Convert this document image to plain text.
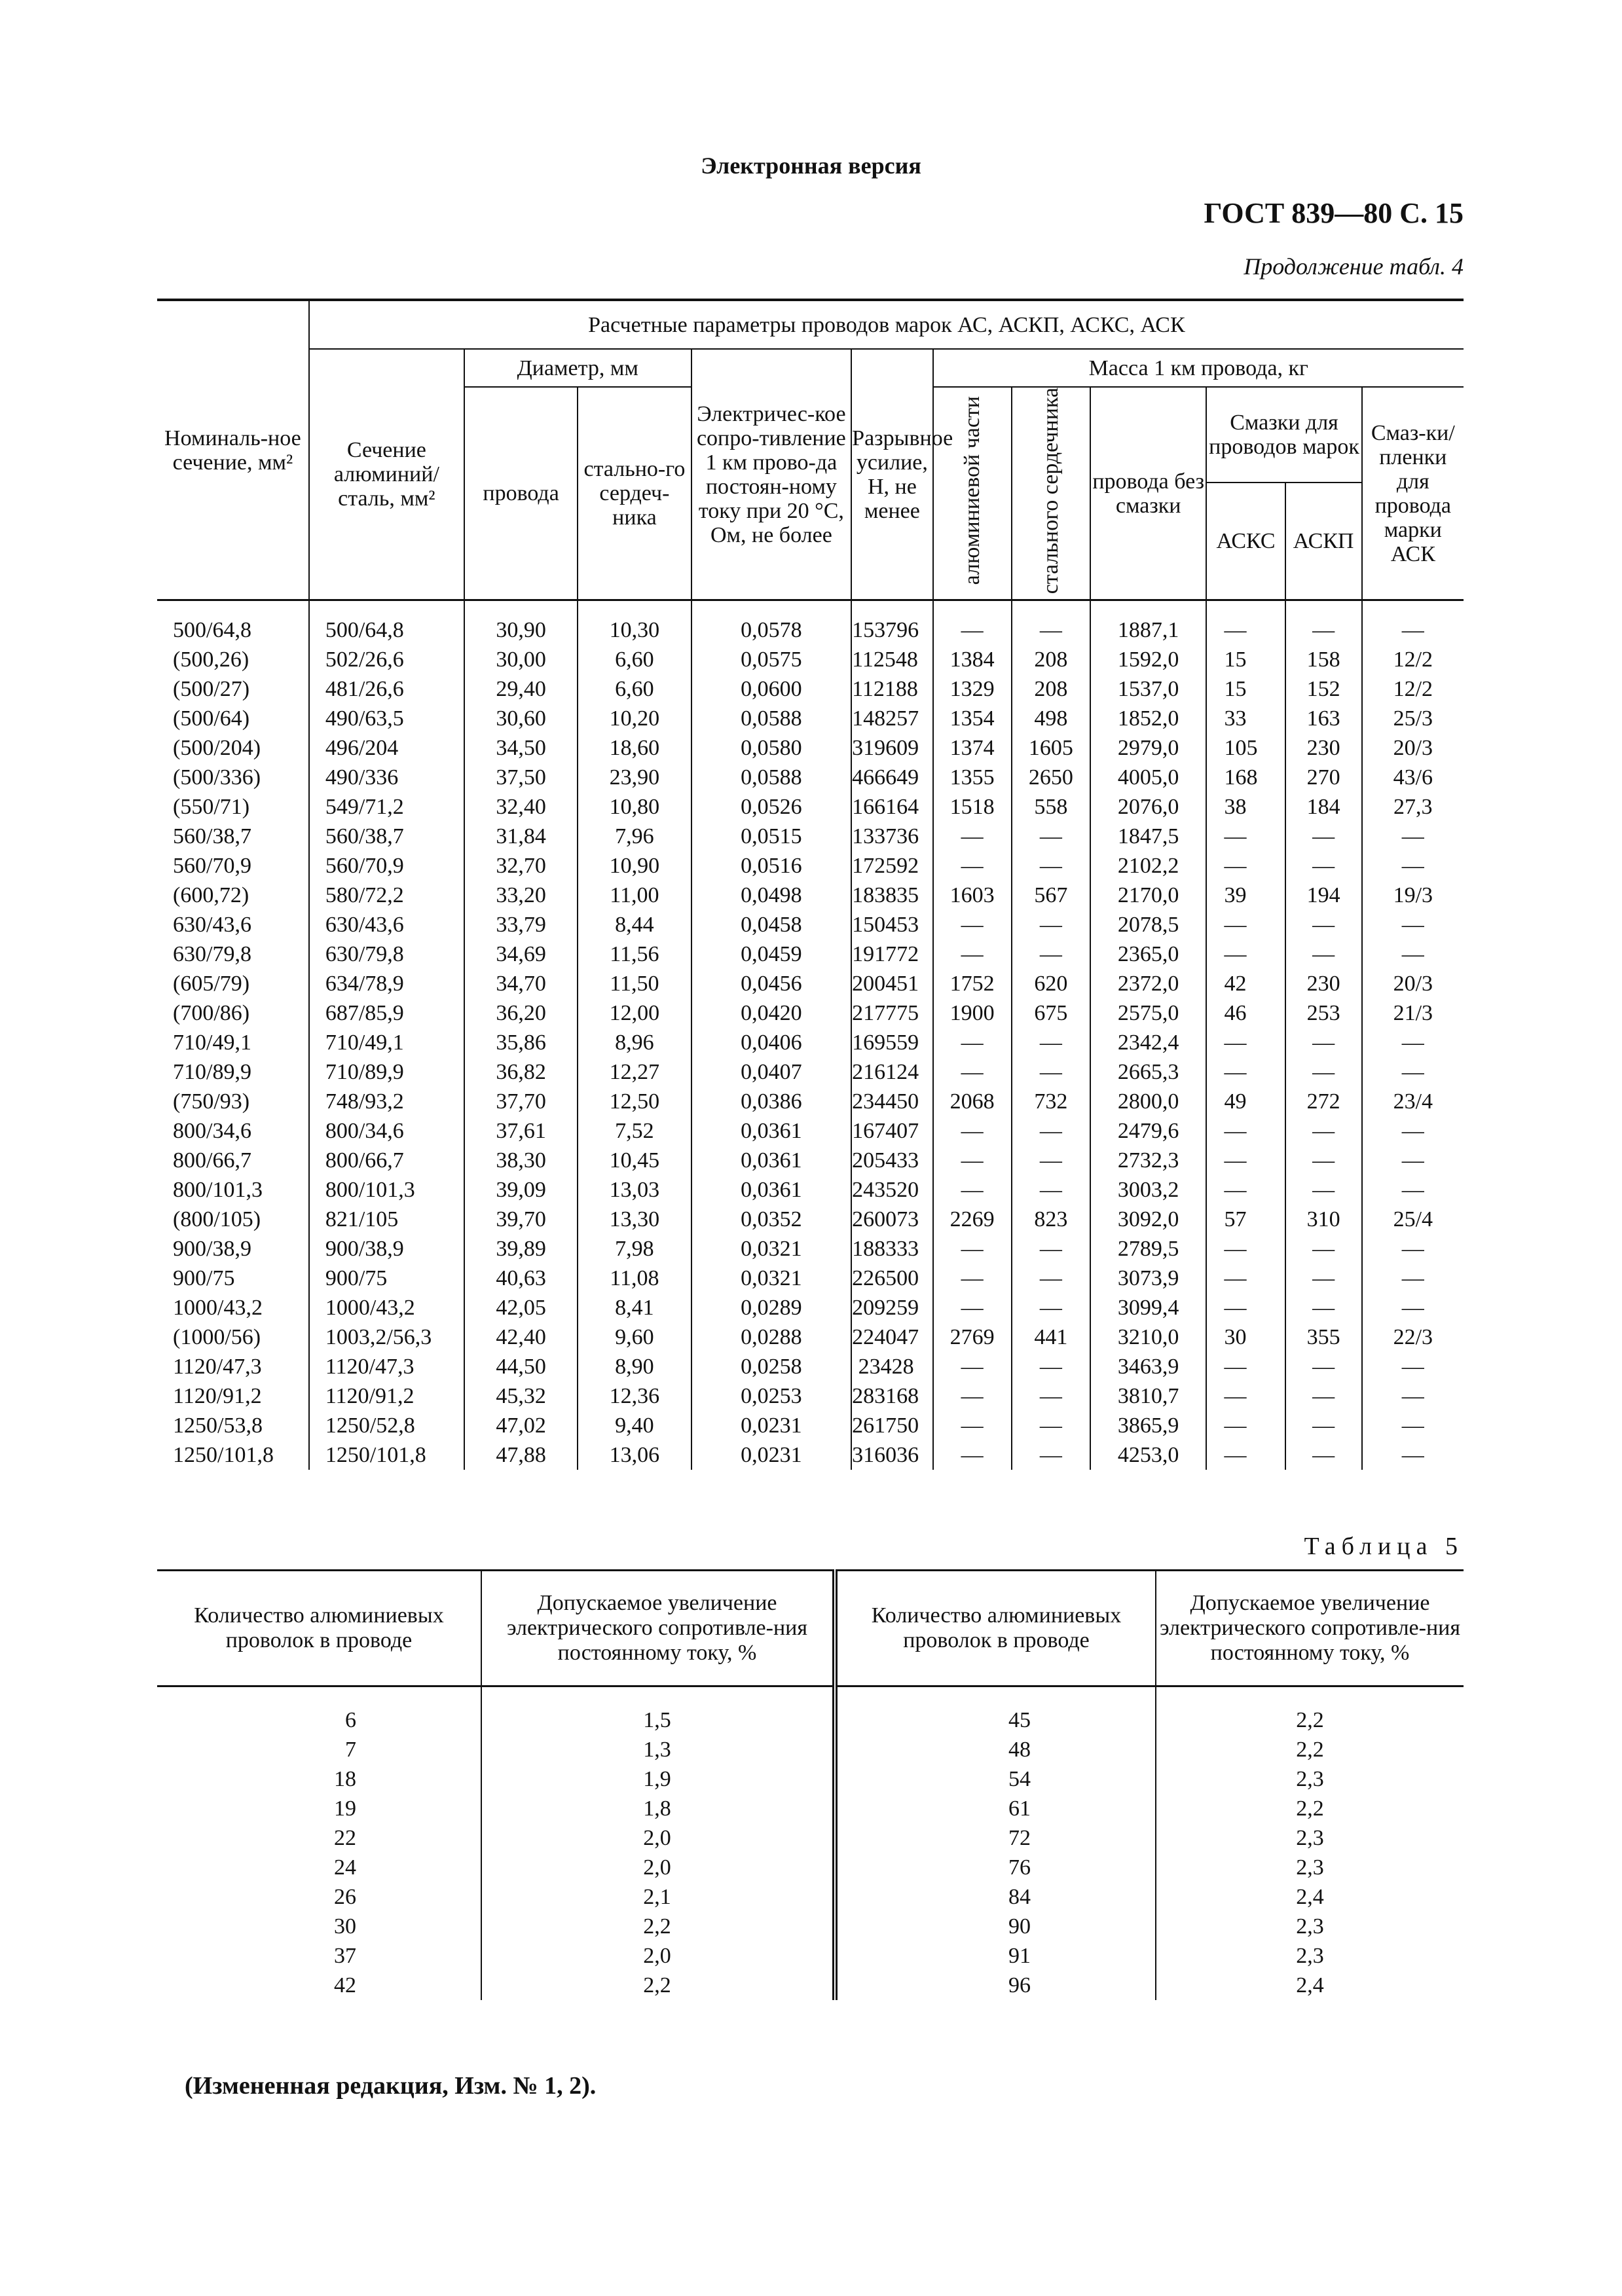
Электронная версия
ГОСТ 839—80 С. 15
Продолжение табл. 4
Номиналь-ное сечение, мм²	Расчетные параметры проводов марок АС, АСКП, АСКС, АСК										
	Сечение алюминий/ сталь, мм²	Диаметр, мм		Электричес-кое сопро-тивление 1 км прово-да постоян-ному току при 20 °С, Ом, не более	Разрывное усилие, Н, не менее	Масса 1 км провода, кг					
		провода	стально-го сердеч-ника			алюминиевой части	стального сердечника	провода без смазки	Смазки для проводов марок		Смаз-ки/ пленки для провода марки АСК
									АСКС	АСКП	

500/64,8	500/64,8	30,90	10,30	0,0578	153796	—	—	1887,1	—	—	—
(500,26)	502/26,6	30,00	6,60	0,0575	112548	1384	208	1592,0	15	158	12/2
(500/27)	481/26,6	29,40	6,60	0,0600	112188	1329	208	1537,0	15	152	12/2
(500/64)	490/63,5	30,60	10,20	0,0588	148257	1354	498	1852,0	33	163	25/3
(500/204)	496/204	34,50	18,60	0,0580	319609	1374	1605	2979,0	105	230	20/3
(500/336)	490/336	37,50	23,90	0,0588	466649	1355	2650	4005,0	168	270	43/6
(550/71)	549/71,2	32,40	10,80	0,0526	166164	1518	558	2076,0	38	184	27,3
560/38,7	560/38,7	31,84	7,96	0,0515	133736	—	—	1847,5	—	—	—
560/70,9	560/70,9	32,70	10,90	0,0516	172592	—	—	2102,2	—	—	—
(600,72)	580/72,2	33,20	11,00	0,0498	183835	1603	567	2170,0	39	194	19/3
630/43,6	630/43,6	33,79	8,44	0,0458	150453	—	—	2078,5	—	—	—
630/79,8	630/79,8	34,69	11,56	0,0459	191772	—	—	2365,0	—	—	—
(605/79)	634/78,9	34,70	11,50	0,0456	200451	1752	620	2372,0	42	230	20/3
(700/86)	687/85,9	36,20	12,00	0,0420	217775	1900	675	2575,0	46	253	21/3
710/49,1	710/49,1	35,86	8,96	0,0406	169559	—	—	2342,4	—	—	—
710/89,9	710/89,9	36,82	12,27	0,0407	216124	—	—	2665,3	—	—	—
(750/93)	748/93,2	37,70	12,50	0,0386	234450	2068	732	2800,0	49	272	23/4
800/34,6	800/34,6	37,61	7,52	0,0361	167407	—	—	2479,6	—	—	—
800/66,7	800/66,7	38,30	10,45	0,0361	205433	—	—	2732,3	—	—	—
800/101,3	800/101,3	39,09	13,03	0,0361	243520	—	—	3003,2	—	—	—
(800/105)	821/105	39,70	13,30	0,0352	260073	2269	823	3092,0	57	310	25/4
900/38,9	900/38,9	39,89	7,98	0,0321	188333	—	—	2789,5	—	—	—
900/75	900/75	40,63	11,08	0,0321	226500	—	—	3073,9	—	—	—
1000/43,2	1000/43,2	42,05	8,41	0,0289	209259	—	—	3099,4	—	—	—
(1000/56)	1003,2/56,3	42,40	9,60	0,0288	224047	2769	441	3210,0	30	355	22/3
1120/47,3	1120/47,3	44,50	8,90	0,0258	23428	—	—	3463,9	—	—	—
1120/91,2	1120/91,2	45,32	12,36	0,0253	283168	—	—	3810,7	—	—	—
1250/53,8	1250/52,8	47,02	9,40	0,0231	261750	—	—	3865,9	—	—	—
1250/101,8	1250/101,8	47,88	13,06	0,0231	316036	—	—	4253,0	—	—	—
Таблица 5
Количество алюминиевых проволок в проводе	Допускаемое увеличение электрического сопротивле-ния постоянному току, %	Количество алюминиевых проволок в проводе	Допускаемое увеличение электрического сопротивле-ния постоянному току, %

6	1,5	45	2,2
7	1,3	48	2,2
18	1,9	54	2,3
19	1,8	61	2,2
22	2,0	72	2,3
24	2,0	76	2,3
26	2,1	84	2,4
30	2,2	90	2,3
37	2,0	91	2,3
42	2,2	96	2,4
(Измененная редакция, Изм. № 1, 2).
